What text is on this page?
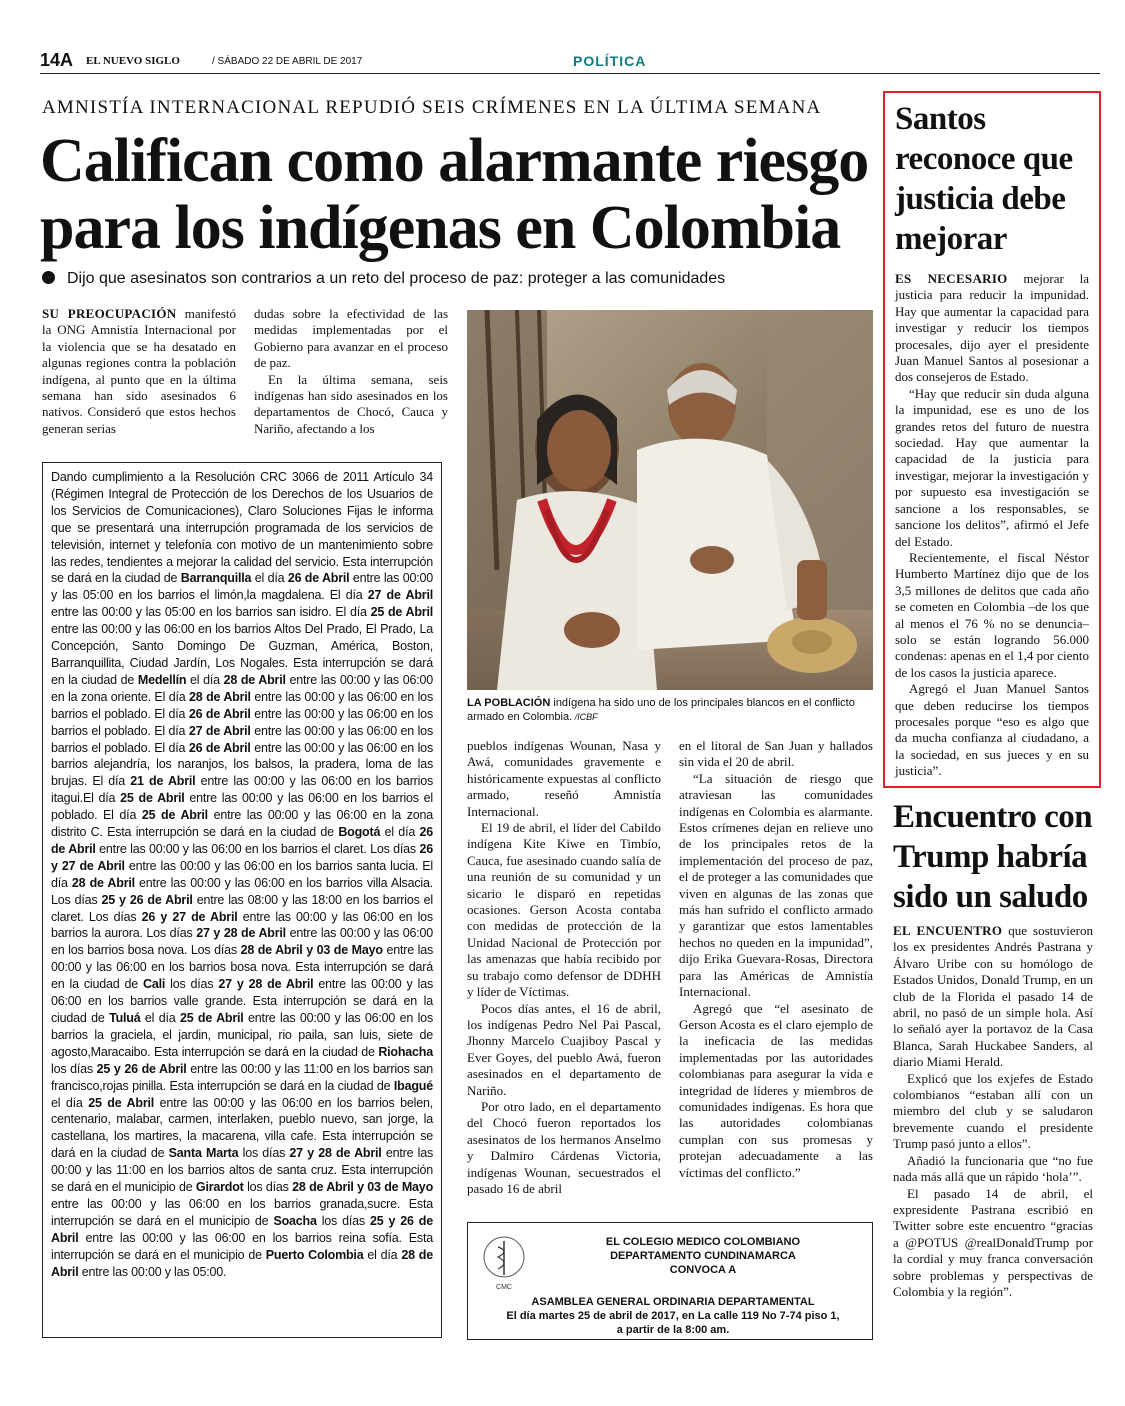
14A EL NUEVO SIGLO	/ SÁBADO 22 DE ABRIL DE 2017	POLÍTICA
AMNISTÍA INTERNACIONAL REPUDIÓ SEIS CRÍMENES EN LA ÚLTIMA SEMANA
Califican como alarmante riesgo para los indígenas en Colombia
Dijo que asesinatos son contrarios a un reto del proceso de paz: proteger a las comunidades

SU PREOCUPACIÓN manifestó la ONG Amnistía Internacional por la violencia que se ha desatado en algunas regiones contra la población indígena, al punto que en la última semana han sido asesinados 6 nativos. Consideró que estos hechos generan serias

dudas sobre la efectividad de las medidas implementadas por el Gobierno para avanzar en el proceso de paz.

En la última semana, seis indígenas han sido asesinados en los departamentos de Chocó, Cauca y Nariño, afectando a los

Dando cumplimiento a la Resolución CRC 3066 de 2011 Artículo 34 (Régimen Integral de Protección de los Derechos de los Usuarios de los Servicios de Comunicaciones), Claro Soluciones Fijas le informa que se presentará una interrupción programada de los servicios de televisión, internet y telefonía con motivo de un mantenimiento sobre las redes, tendientes a mejorar la calidad del servicio. Esta interrupción se dará en la ciudad de Barranquilla el día 26 de Abril entre las 00:00 y las 05:00 en los barrios el limón,la magdalena. El día 27 de Abril entre las 00:00 y las 05:00 en los barrios san isidro. El día 25 de Abril entre las 00:00 y las 06:00 en los barrios Altos Del Prado, El Prado, La Concepción, Santo Domingo De Guzman, América, Boston, Barranquillita, Ciudad Jardín, Los Nogales. Esta interrupción se dará en la ciudad de Medellín el día 28 de Abril entre las 00:00 y las 06:00 en la zona oriente. El día 28 de Abril entre las 00:00 y las 06:00 en los barrios el poblado. El día 26 de Abril entre las 00:00 y las 06:00 en los barrios el poblado. El día 27 de Abril entre las 00:00 y las 06:00 en los barrios el poblado. El día 26 de Abril entre las 00:00 y las 06:00 en los barrios alejandría, los naranjos, los balsos, la pradera, loma de las brujas. El día 21 de Abril entre las 00:00 y las 06:00 en los barrios itagui.El día 25 de Abril entre las 00:00 y las 06:00 en los barrios el poblado. El día 25 de Abril entre las 00:00 y las 06:00 en la zona distrito C. Esta interrupción se dará en la ciudad de Bogotá el día 26 de Abril entre las 00:00 y las 06:00 en los barrios el claret. Los días 26 y 27 de Abril entre las 00:00 y las 06:00 en los barrios santa lucia. El día 28 de Abril entre las 00:00 y las 06:00 en los barrios villa Alsacia. Los días 25 y 26 de Abril entre las 08:00 y las 18:00 en los barrios el claret. Los días 26 y 27 de Abril entre las 00:00 y las 06:00 en los barrios la aurora. Los días 27 y 28 de Abril entre las 00:00 y las 06:00 en los barrios bosa nova. Los días 28 de Abril y 03 de Mayo entre las 00:00 y las 06:00 en los barrios bosa nova. Esta interrupción se dará en la ciudad de Cali los días 27 y 28 de Abril entre las 00:00 y las 06:00 en los barrios valle grande. Esta interrupción se dará en la ciudad de Tuluá el día 25 de Abril entre las 00:00 y las 06:00 en los barrios la graciela, el jardin, municipal, rio paila, san luis, siete de agosto,Maracaibo. Esta interrupción se dará en la ciudad de Riohacha los días 25 y 26 de Abril entre las 00:00 y las 11:00 en los barrios san francisco,rojas pinilla. Esta interrupción se dará en la ciudad de Ibagué el día 25 de Abril entre las 00:00 y las 06:00 en los barrios belen, centenario, malabar, carmen, interlaken, pueblo nuevo, san jorge, la castellana, los martires, la macarena, villa cafe. Esta interrupción se dará en la ciudad de Santa Marta los días 27 y 28 de Abril entre las 00:00 y las 11:00 en los barrios altos de santa cruz. Esta interrupción se dará en el municipio de Girardot los días 28 de Abril y 03 de Mayo entre las 00:00 y las 06:00 en los barrios granada,sucre. Esta interrupción se dará en el municipio de Soacha los días 25 y 26 de Abril entre las 00:00 y las 06:00 en los barrios reina sofía. Esta interrupción se dará en el municipio de Puerto Colombia el día 28 de Abril entre las 00:00 y las 05:00.
LA POBLACIÓN indígena ha sido uno de los principales blancos en el conflicto armado en Colombia. /ICBF

pueblos indígenas Wounan, Nasa y Awá, comunidades gravemente e históricamente expuestas al conflicto armado, reseñó Amnistía Internacional.

El 19 de abril, el líder del Cabildo indígena Kite Kiwe en Timbío, Cauca, fue asesinado cuando salía de una reunión de su comunidad y un sicario le disparó en repetidas ocasiones. Gerson Acosta contaba con medidas de protección de la Unidad Nacional de Protección por las amenazas que había recibido por su trabajo como defensor de DDHH y líder de Víctimas.

Pocos días antes, el 16 de abril, los indígenas Pedro Nel Pai Pascal, Jhonny Marcelo Cuajiboy Pascal y Ever Goyes, del pueblo Awá, fueron asesinados en el departamento de Nariño.

Por otro lado, en el departamento del Chocó fueron reportados los asesinatos de los hermanos Anselmo y Dalmiro Cárdenas Victoria, indígenas Wounan, secuestrados el pasado 16 de abril

en el litoral de San Juan y hallados sin vida el 20 de abril.

“La situación de riesgo que atraviesan las comunidades indígenas en Colombia es alarmante. Estos crímenes dejan en relieve uno de los principales retos de la implementación del proceso de paz, el de proteger a las comunidades que viven en algunas de las zonas que más han sufrido el conflicto armado y garantizar que estos lamentables hechos no queden en la impunidad”, dijo Erika Guevara-Rosas, Directora para las Américas de Amnistía Internacional.

Agregó que “el asesinato de Gerson Acosta es el claro ejemplo de la ineficacia de las medidas implementadas por las autoridades colombianas para asegurar la vida e integridad de líderes y miembros de comunidades indígenas. Es hora que las autoridades colombianas cumplan con sus promesas y protejan adecuadamente a las víctimas del conflicto.”

CMC
EL COLEGIO MEDICO COLOMBIANO
DEPARTAMENTO CUNDINAMARCA
CONVOCA A
ASAMBLEA GENERAL ORDINARIA DEPARTAMENTAL
El día martes 25 de abril de 2017, en La calle 119 No 7-74 piso 1,
a partir de la 8:00 am.
Santos reconoce que justicia debe mejorar

ES NECESARIO mejorar la justicia para reducir la impunidad. Hay que aumentar la capacidad para investigar y reducir los tiempos procesales, dijo ayer el presidente Juan Manuel Santos al posesionar a dos consejeros de Estado.

“Hay que reducir sin duda alguna la impunidad, ese es uno de los grandes retos del futuro de nuestra sociedad. Hay que aumentar la capacidad de la justicia para investigar, mejorar la investigación y por supuesto esa investigación se sancione a los responsables, se sancione los delitos”, afirmó el Jefe del Estado.

Recientemente, el fiscal Néstor Humberto Martínez dijo que de los 3,5 millones de delitos que cada año se cometen en Colombia –de los que al menos el 76 % no se denuncia– solo se están logrando 56.000 condenas: apenas en el 1,4 por ciento de los casos la justicia aparece.

Agregó el Juan Manuel Santos que deben reducirse los tiempos procesales porque “eso es algo que da mucha confianza al ciudadano, a la sociedad, en sus jueces y en su justicia”.

Encuentro con Trump habría sido un saludo

EL ENCUENTRO que sostuvieron los ex presidentes Andrés Pastrana y Álvaro Uribe con su homólogo de Estados Unidos, Donald Trump, en un club de la Florida el pasado 14 de abril, no pasó de un simple hola. Así lo señaló ayer la portavoz de la Casa Blanca, Sarah Huckabee Sanders, al diario Miami Herald.

Explicó que los exjefes de Estado colombianos “estaban allí con un miembro del club y se saludaron brevemente cuando el presidente Trump pasó junto a ellos”.

Añadió la funcionaria que “no fue nada más allá que un rápido ‘hola’”.

El pasado 14 de abril, el expresidente Pastrana escribió en Twitter sobre este encuentro “gracias a @POTUS @realDonaldTrump por la cordial y muy franca conversación sobre problemas y perspectivas de Colombia y la región”.
